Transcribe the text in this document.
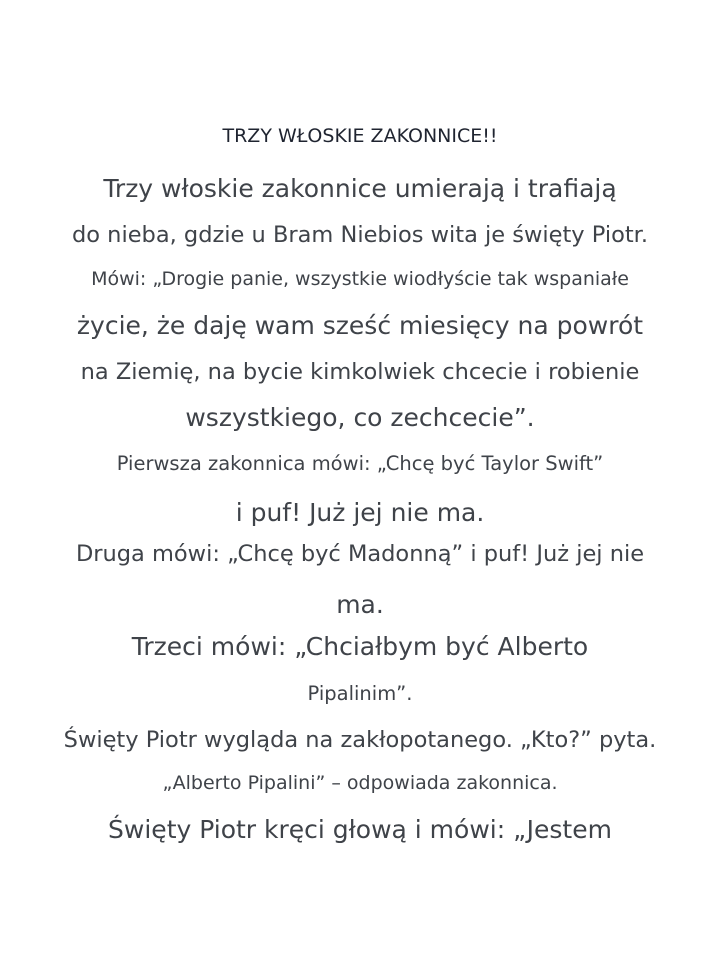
TRZY WŁOSKIE ZAKONNICE!!
Trzy włoskie zakonnice umierają i trafiają
do nieba, gdzie u Bram Niebios wita je święty Piotr.
Mówi: „Drogie panie, wszystkie wiodłyście tak wspaniałe
życie, że daję wam sześć miesięcy na powrót
na Ziemię, na bycie kimkolwiek chcecie i robienie
wszystkiego, co zechcecie”.
Pierwsza zakonnica mówi: „Chcę być Taylor Swift”
i puf! Już jej nie ma.
Druga mówi: „Chcę być Madonną” i puf! Już jej nie
ma.
Trzeci mówi: „Chciałbym być Alberto
Pipalinim”.
Święty Piotr wygląda na zakłopotanego. „Kto?” pyta.
„Alberto Pipalini” – odpowiada zakonnica.
Święty Piotr kręci głową i mówi: „Jestem
